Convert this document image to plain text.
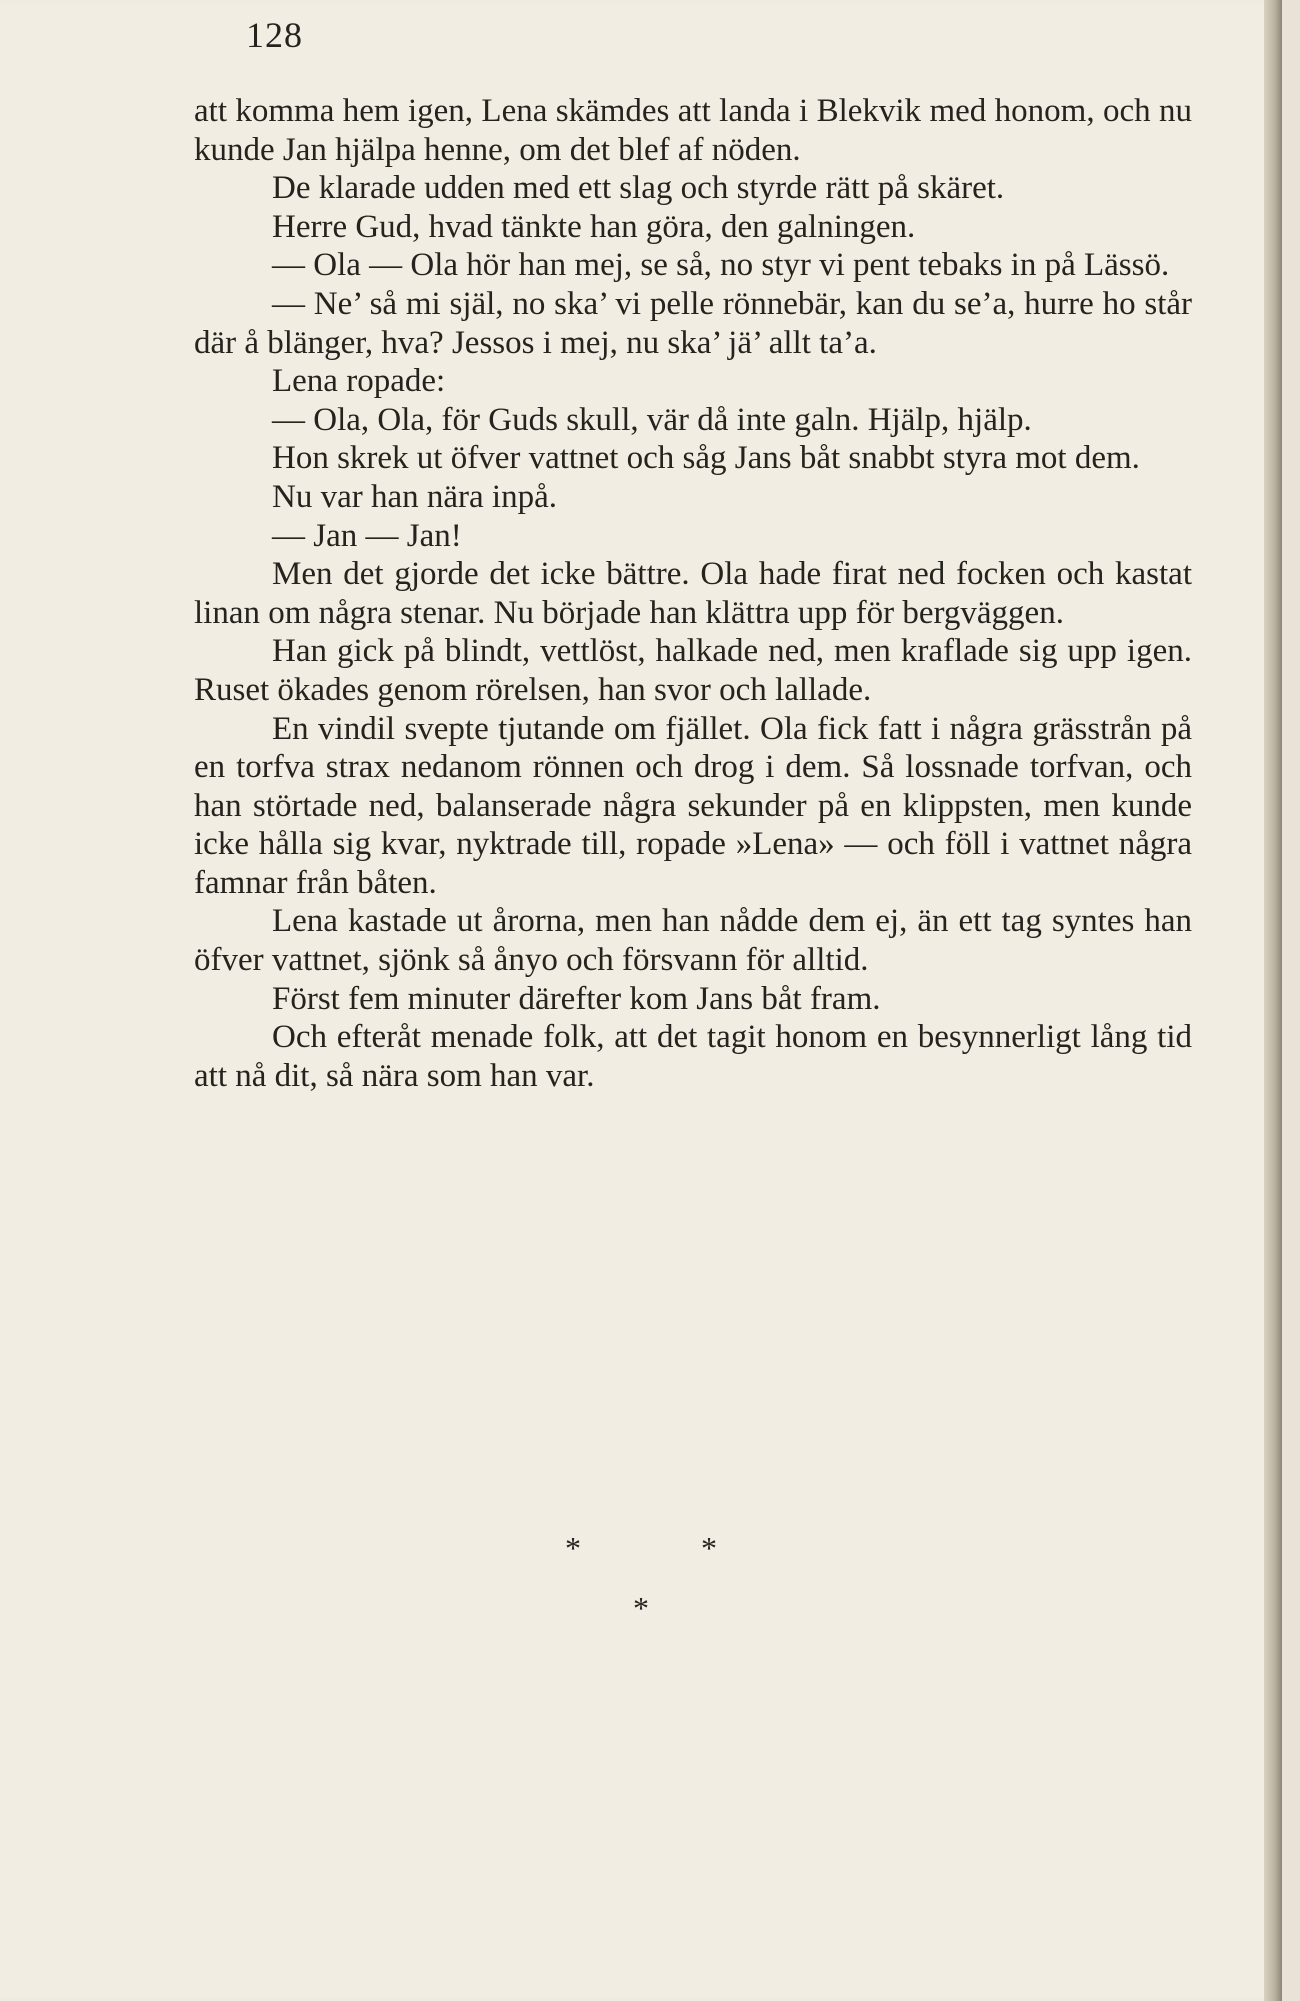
128

att komma hem igen, Lena skämdes att landa i Blekvik med honom, och nu kunde Jan hjälpa henne, om det blef af nöden.

De klarade udden med ett slag och styrde rätt på skäret.

Herre Gud, hvad tänkte han göra, den galningen.

— Ola — Ola hör han mej, se så, no styr vi pent tebaks in på Lässö.

— Ne’ så mi själ, no ska’ vi pelle rönnebär, kan du se’a, hurre ho står där å blänger, hva? Jessos i mej, nu ska’ jä’ allt ta’a.

Lena ropade:

— Ola, Ola, för Guds skull, vär då inte galn. Hjälp, hjälp.

Hon skrek ut öfver vattnet och såg Jans båt snabbt styra mot dem.

Nu var han nära inpå.

— Jan — Jan!

Men det gjorde det icke bättre. Ola hade firat ned focken och kastat linan om några stenar. Nu började han klättra upp för bergväggen.

Han gick på blindt, vettlöst, halkade ned, men kraflade sig upp igen. Ruset ökades genom rörelsen, han svor och lallade.

En vindil svepte tjutande om fjället. Ola fick fatt i några grässtrån på en torfva strax nedanom rönnen och drog i dem. Så lossnade torfvan, och han störtade ned, balanserade några sekunder på en klippsten, men kunde icke hålla sig kvar, nyktrade till, ropade »Lena» — och föll i vattnet några famnar från båten.

Lena kastade ut årorna, men han nådde dem ej, än ett tag syntes han öfver vattnet, sjönk så ånyo och försvann för alltid.

Först fem minuter därefter kom Jans båt fram.

Och efteråt menade folk, att det tagit honom en besynnerligt lång tid att nå dit, så nära som han var.

*	*
*
